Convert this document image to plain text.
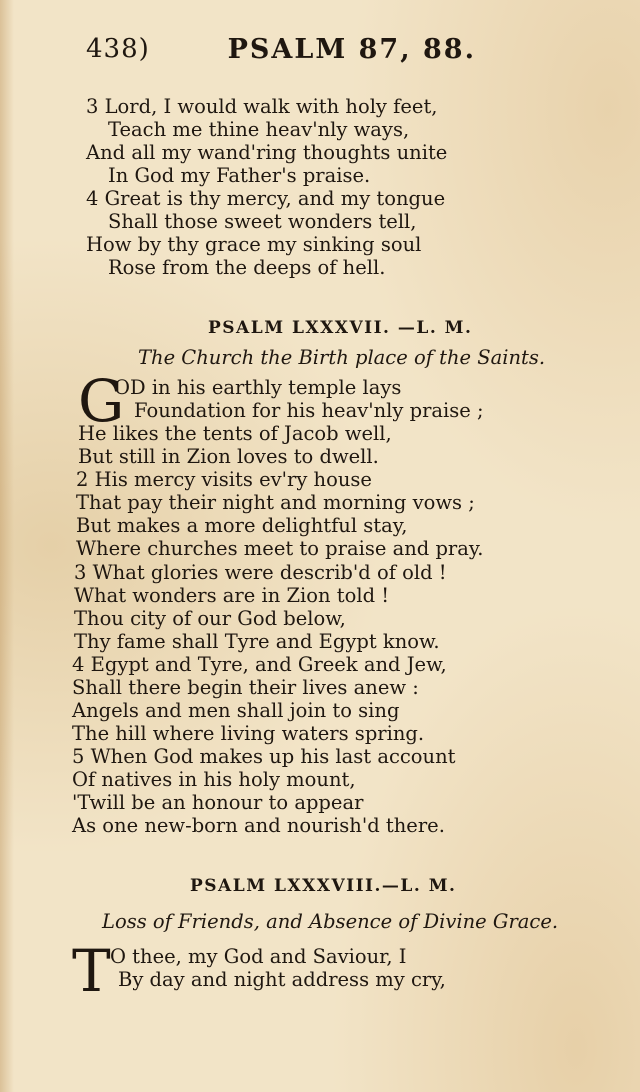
438)	PSALM 87, 88.
3 Lord, I would walk with holy feet,
Teach me thine heav'nly ways,
And all my wand'ring thoughts unite
In God my Father's praise.
4 Great is thy mercy, and my tongue
Shall those sweet wonders tell,
How by thy grace my sinking soul
Rose from the deeps of hell.
PSALM LXXXVII. —L. M.
The Church the Birth place of the Saints.
G
OD in his earthly temple lays
Foundation for his heav'nly praise ;
He likes the tents of Jacob well,
But still in Zion loves to dwell.
2 His mercy visits ev'ry house
That pay their night and morning vows ;
But makes a more delightful stay,
Where churches meet to praise and pray.
3 What glories were describ'd of old !
What wonders are in Zion told !
Thou city of our God below,
Thy fame shall Tyre and Egypt know.
4 Egypt and Tyre, and Greek and Jew,
Shall there begin their lives anew :
Angels and men shall join to sing
The hill where living waters spring.
5 When God makes up his last account
Of natives in his holy mount,
'Twill be an honour to appear
As one new-born and nourish'd there.
PSALM LXXXVIII.—L. M.
Loss of Friends, and Absence of Divine Grace.
T O thee, my God and Saviour, I
By day and night address my cry,
